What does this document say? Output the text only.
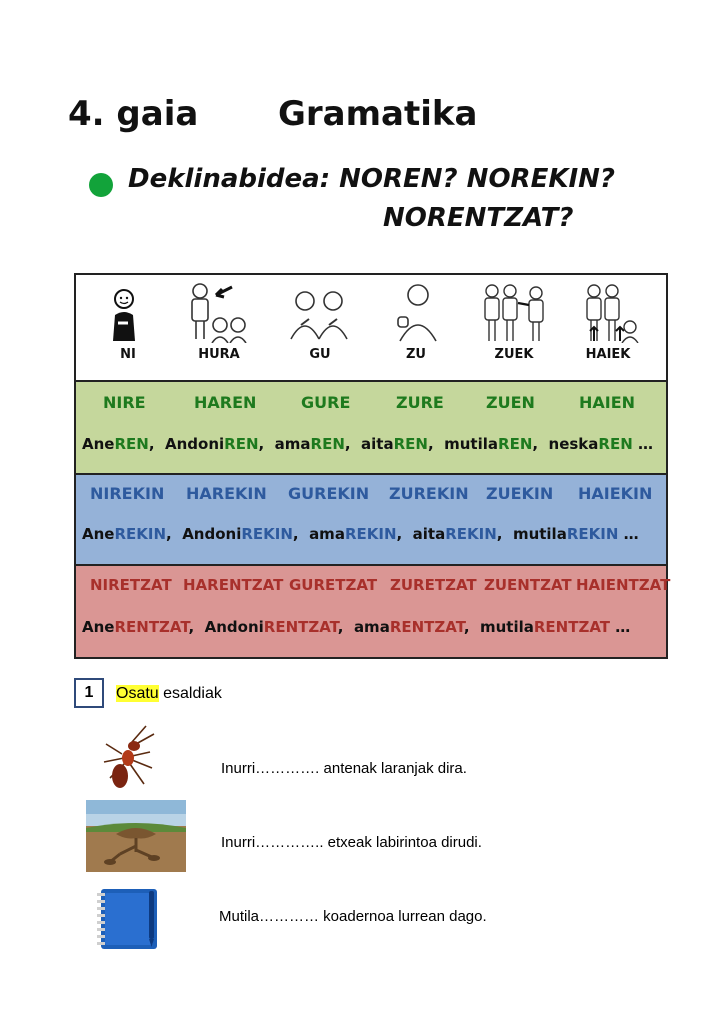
4. gaia Gramatika
Deklinabidea: NOREN? NOREKIN?
NORENTZAT?
NI	HURA	GU	ZU	ZUEK	HAIEK
NIRE	HAREN	GURE	ZURE	ZUEN	HAIEN
AneREN,  AndoniREN,  amaREN,  aitaREN,  mutilaREN,  neskaREN …
NIREKIN HAREKIN GUREKIN ZUREKIN ZUEKIN HAIEKIN
AneREKIN,  AndoniREKIN,  amaREKIN,  aitaREKIN,  mutilaREKIN …
NIRETZAT HARENTZAT GURETZAT ZURETZAT ZUENTZAT HAIENTZAT
AneRENTZAT,  AndoniRENTZAT,  amaRENTZAT,  mutilaRENTZAT …
1	Osatu esaldiak
Inurri…………. antenak laranjak dira.
Inurri………….. etxeak labirintoa dirudi.
Mutila………… koadernoa lurrean dago.
